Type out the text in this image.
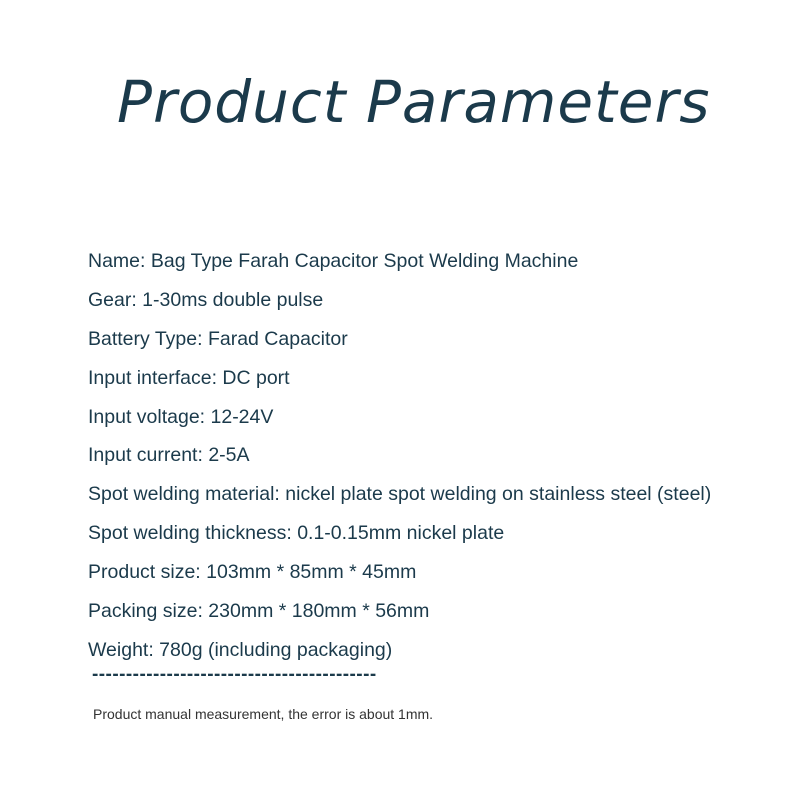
Product Parameters
Name: Bag Type Farah Capacitor Spot Welding Machine
Gear: 1-30ms double pulse
Battery Type: Farad Capacitor
Input interface: DC port
Input voltage: 12-24V
Input current: 2-5A
Spot welding material: nickel plate spot welding on stainless steel (steel)
Spot welding thickness: 0.1-0.15mm nickel plate
Product size: 103mm * 85mm * 45mm
Packing size: 230mm * 180mm * 56mm
Weight: 780g (including packaging)
------------------------------------------
Product manual measurement, the error is about 1mm.
